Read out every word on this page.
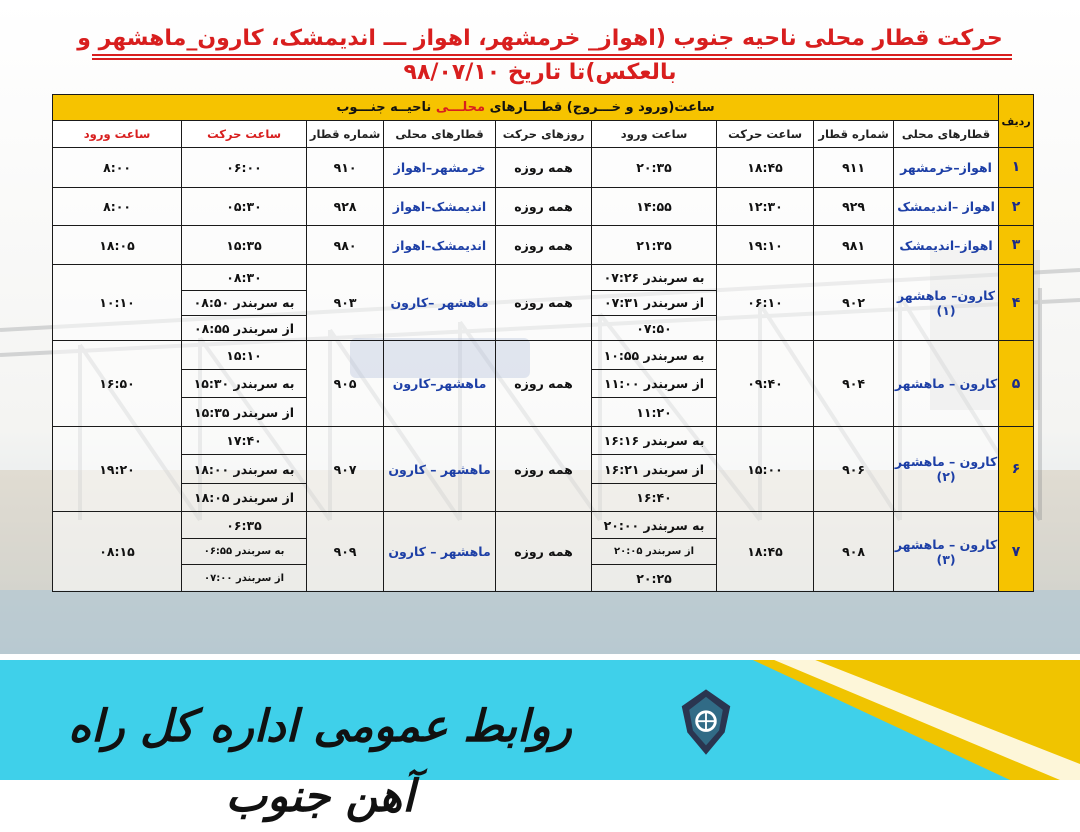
حرکت قطار محلی ناحیه جنوب (اهواز_ خرمشهر، اهواز ـــ اندیمشک، کارون_ماهشهر و بالعکس)تا تاریخ ۹۸/۰۷/۱۰
ردیف	ساعت(ورود و خـــروج) قطـــارهای محلـــی ناحیــه جنـــوب								
	قطارهای محلی	شماره قطار	ساعت حرکت	ساعت ورود	روزهای حرکت	قطارهای محلی	شماره قطار	ساعت حرکت	ساعت ورود
۱	اهواز–خرمشهر	۹۱۱	۱۸:۴۵	۲۰:۳۵	همه روزه	خرمشهر–اهواز	۹۱۰	۰۶:۰۰	۸:۰۰
۲	اهواز –اندیمشک	۹۲۹	۱۲:۳۰	۱۴:۵۵	همه روزه	اندیمشک–اهواز	۹۲۸	۰۵:۳۰	۸:۰۰
۳	اهواز–اندیمشک	۹۸۱	۱۹:۱۰	۲۱:۳۵	همه روزه	اندیمشک–اهواز	۹۸۰	۱۵:۳۵	۱۸:۰۵
۴	کارون– ماهشهر (۱)	۹۰۲	۰۶:۱۰	به سربندر ۰۷:۲۶	همه روزه	ماهشهر –کارون	۹۰۳	۰۸:۳۰	۱۰:۱۰
				از سربندر ۰۷:۳۱				به سربندر ۰۸:۵۰	
				۰۷:۵۰				از سربندر ۰۸:۵۵	
۵	کارون – ماهشهر	۹۰۴	۰۹:۴۰	به سربندر ۱۰:۵۵	همه روزه	ماهشهر–کارون	۹۰۵	۱۵:۱۰	۱۶:۵۰
				از سربندر ۱۱:۰۰				به سربندر ۱۵:۳۰	
				۱۱:۲۰				از سربندر ۱۵:۳۵	
۶	کارون – ماهشهر (۲)	۹۰۶	۱۵:۰۰	به سربندر ۱۶:۱۶	همه روزه	ماهشهر – کارون	۹۰۷	۱۷:۴۰	۱۹:۲۰
				از سربندر ۱۶:۲۱				به سربندر ۱۸:۰۰	
				۱۶:۴۰				از سربندر ۱۸:۰۵	
۷	کارون – ماهشهر (۳)	۹۰۸	۱۸:۴۵	به سربندر ۲۰:۰۰	همه روزه	ماهشهر – کارون	۹۰۹	۰۶:۳۵	۰۸:۱۵
				از سربندر ۲۰:۰۵				به سربندر ۰۶:۵۵	
				۲۰:۲۵				از سربندر ۰۷:۰۰	
روابط عمومی اداره کل راه آهن جنوب
